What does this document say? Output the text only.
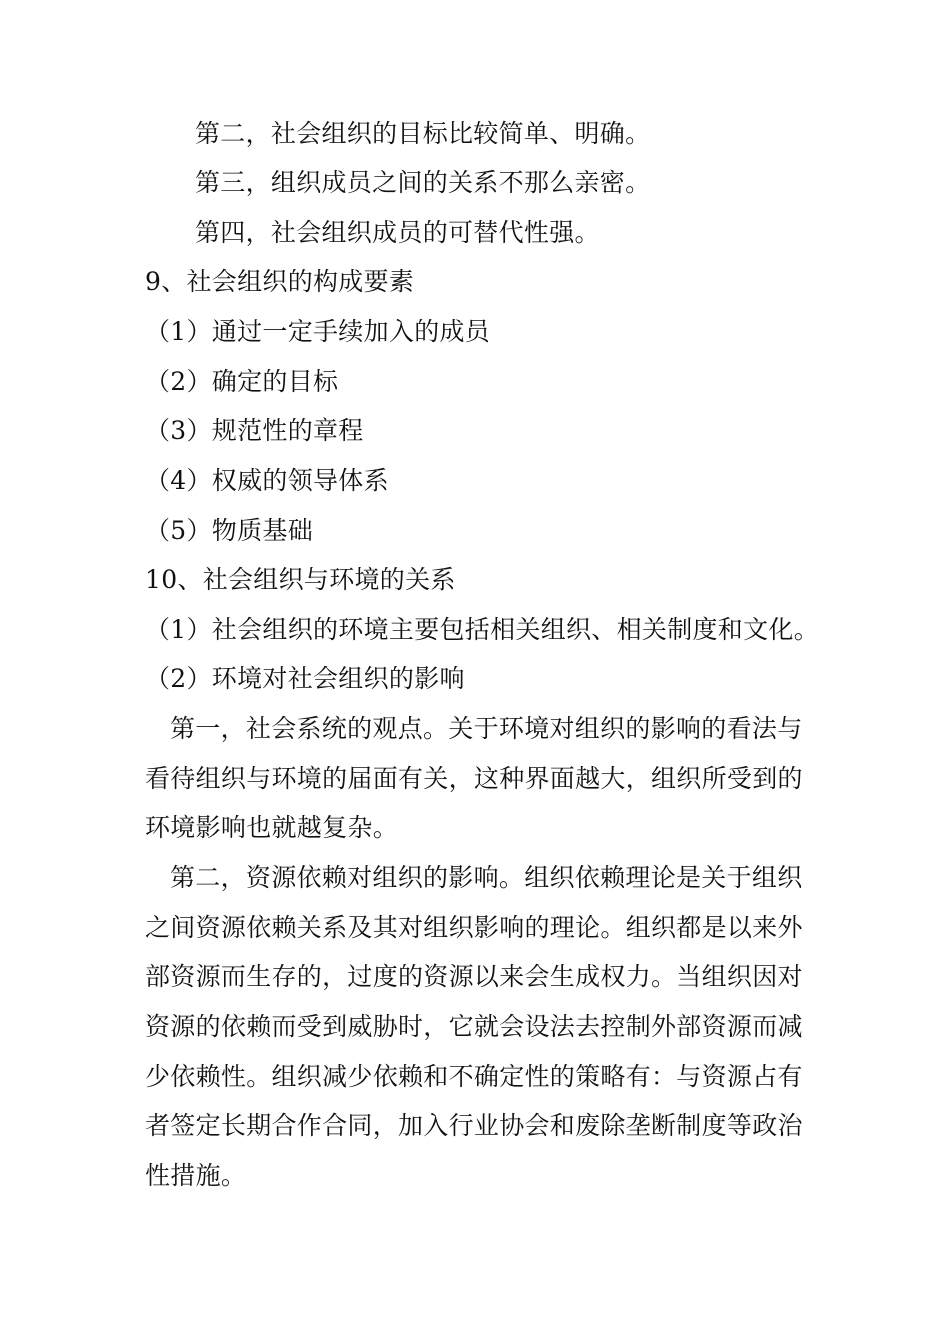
第二，社会组织的目标比较简单、明确。
第三，组织成员之间的关系不那么亲密。
第四，社会组织成员的可替代性强。
9、社会组织的构成要素
（1）通过一定手续加入的成员
（2）确定的目标
（3）规范性的章程
（4）权威的领导体系
（5）物质基础
10、社会组织与环境的关系
（1）社会组织的环境主要包括相关组织、相关制度和文化。
（2）环境对社会组织的影响
第一，社会系统的观点。关于环境对组织的影响的看法与
看待组织与环境的届面有关，这种界面越大，组织所受到的
环境影响也就越复杂。
第二，资源依赖对组织的影响。组织依赖理论是关于组织
之间资源依赖关系及其对组织影响的理论。组织都是以来外
部资源而生存的，过度的资源以来会生成权力。当组织因对
资源的依赖而受到威胁时，它就会设法去控制外部资源而减
少依赖性。组织减少依赖和不确定性的策略有：与资源占有
者签定长期合作合同，加入行业协会和废除垄断制度等政治
性措施。
